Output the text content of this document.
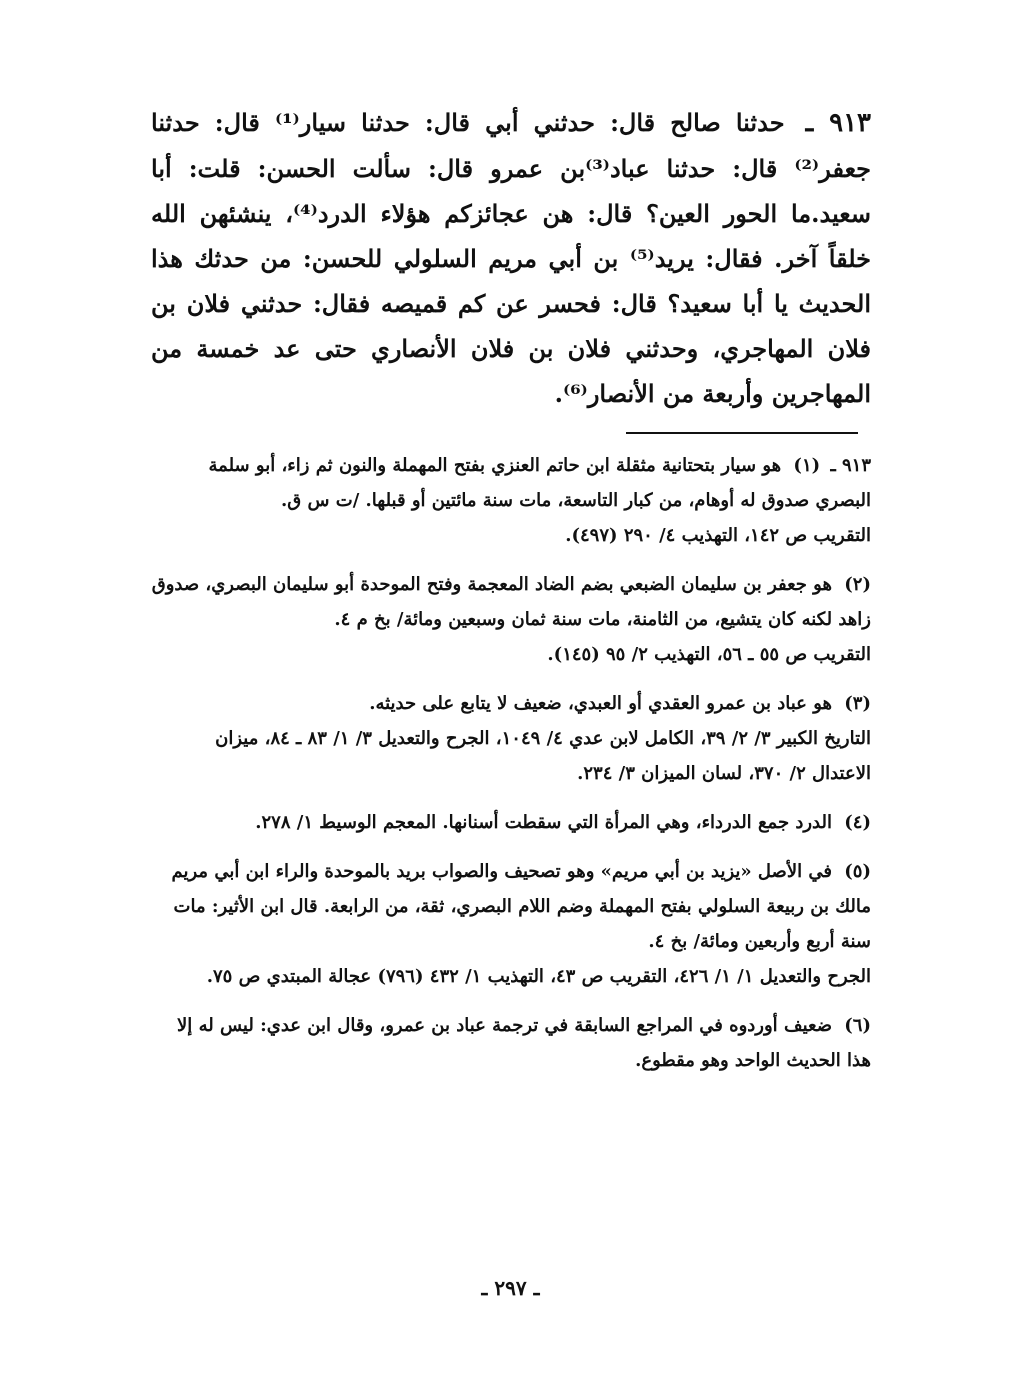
٩١٣ ـ حدثنا صالح قال: حدثني أبي قال: حدثنا سيار⁽¹⁾ قال: حدثنا جعفر⁽²⁾ قال: حدثنا عباد⁽³⁾بن عمرو قال: سألت الحسن: قلت: أبا سعيد.ما الحور العين؟ قال: هن عجائزكم هؤلاء الدرد⁽⁴⁾، ينشئهن الله خلقاً آخر. فقال: يريد⁽⁵⁾ بن أبي مريم السلولي للحسن: من حدثك هذا الحديث يا أبا سعيد؟ قال: فحسر عن كم قميصه فقال: حدثني فلان بن فلان المهاجري، وحدثني فلان بن فلان الأنصاري حتى عد خمسة من المهاجرين وأربعة من الأنصار⁽⁶⁾.

٩١٣ ـ (١) هو سيار بتحتانية مثقلة ابن حاتم العنزي بفتح المهملة والنون ثم زاء، أبو سلمة البصري صدوق له أوهام، من كبار التاسعة، مات سنة مائتين أو قبلها. /ت س ق.

التقريب ص ١٤٢، التهذيب ٤/ ٢٩٠ (٤٩٧).

(٢) هو جعفر بن سليمان الضبعي بضم الضاد المعجمة وفتح الموحدة أبو سليمان البصري، صدوق زاهد لكنه كان يتشيع، من الثامنة، مات سنة ثمان وسبعين ومائة/ بخ م ٤.

التقريب ص ٥٥ ـ ٥٦، التهذيب ٢/ ٩٥ (١٤٥).

(٣) هو عباد بن عمرو العقدي أو العبدي، ضعيف لا يتابع على حديثه.

التاريخ الكبير ٣/ ٢/ ٣٩، الكامل لابن عدي ٤/ ١٠٤٩، الجرح والتعديل ٣/ ١/ ٨٣ ـ ٨٤، ميزان الاعتدال ٢/ ٣٧٠، لسان الميزان ٣/ ٢٣٤.

(٤) الدرد جمع الدرداء، وهي المرأة التي سقطت أسنانها. المعجم الوسيط ١/ ٢٧٨.

(٥) في الأصل «يزيد بن أبي مريم» وهو تصحيف والصواب بريد بالموحدة والراء ابن أبي مريم مالك بن ربيعة السلولي بفتح المهملة وضم اللام البصري، ثقة، من الرابعة. قال ابن الأثير: مات سنة أربع وأربعين ومائة/ بخ ٤.

الجرح والتعديل ١/ ١/ ٤٢٦، التقريب ص ٤٣، التهذيب ١/ ٤٣٢ (٧٩٦) عجالة المبتدي ص ٧٥.

(٦) ضعيف أوردوه في المراجع السابقة في ترجمة عباد بن عمرو، وقال ابن عدي: ليس له إلا هذا الحديث الواحد وهو مقطوع.

ـ ٢٩٧ ـ
